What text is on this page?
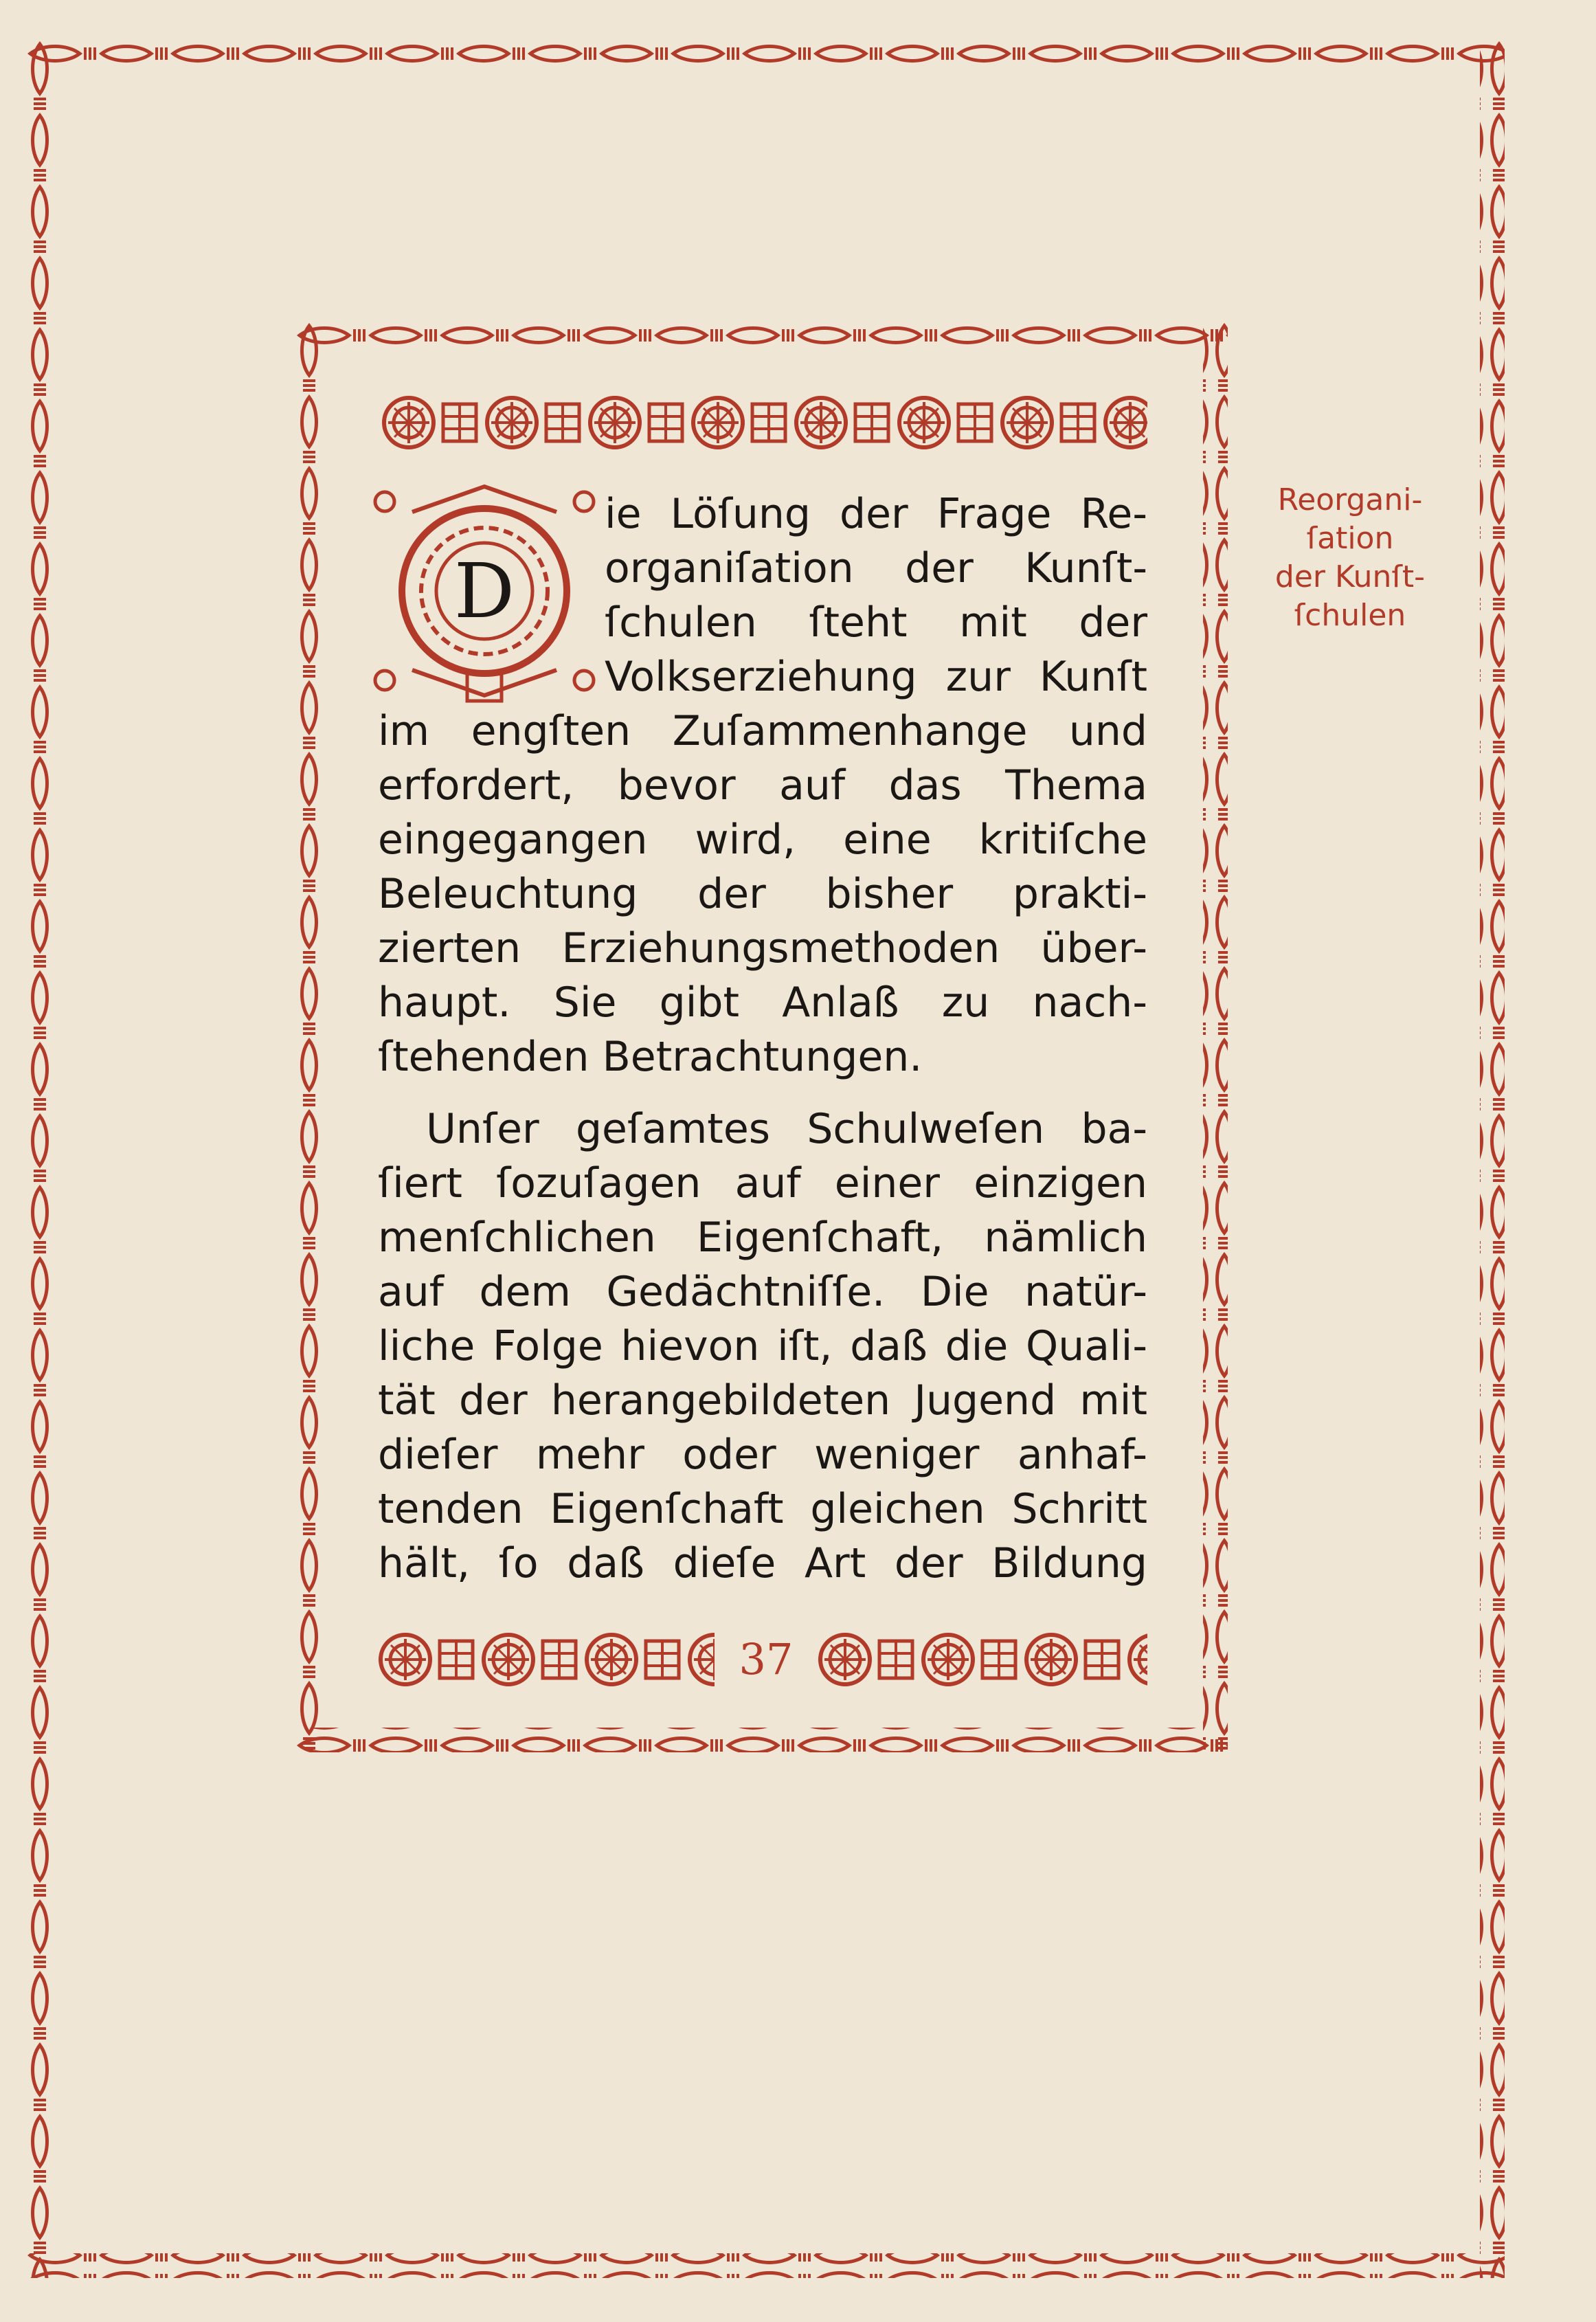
D

ie Löſung der Frage Re-

organiſation der Kunſt-

ſchulen ſteht mit der

Volkserziehung zur Kunſt

im engſten Zuſammenhange und

erfordert, bevor auf das Thema

eingegangen wird, eine kritiſche

Beleuchtung der bisher prakti-

zierten Erziehungsmethoden über-

haupt. Sie gibt Anlaß zu nach-

ſtehenden Betrachtungen.

Unſer geſamtes Schulweſen ba-

ſiert ſozuſagen auf einer einzigen

menſchlichen Eigenſchaft, nämlich

auf dem Gedächtniſſe. Die natür-

liche Folge hievon iſt, daß die Quali-

tät der herangebildeten Jugend mit

dieſer mehr oder weniger anhaf-

tenden Eigenſchaft gleichen Schritt

hält, ſo daß dieſe Art der Bildung

37
Reorgani-
ſation
der Kunſt-
ſchulen
